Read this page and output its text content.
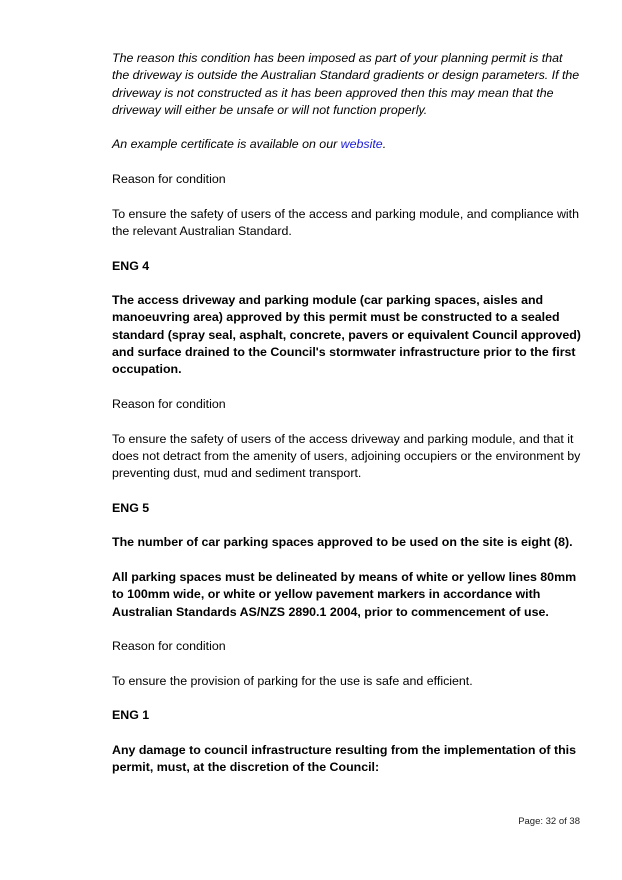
The reason this condition has been imposed as part of your planning permit is that the driveway is outside the Australian Standard gradients or design parameters. If the driveway is not constructed as it has been approved then this may mean that the driveway will either be unsafe or will not function properly.

An example certificate is available on our website.

Reason for condition

To ensure the safety of users of the access and parking module, and compliance with the relevant Australian Standard.

ENG 4

The access driveway and parking module (car parking spaces, aisles and manoeuvring area) approved by this permit must be constructed to a sealed standard (spray seal, asphalt, concrete, pavers or equivalent Council approved) and surface drained to the Council's stormwater infrastructure prior to the first occupation.

Reason for condition

To ensure the safety of users of the access driveway and parking module, and that it does not detract from the amenity of users, adjoining occupiers or the environment by preventing dust, mud and sediment transport.

ENG 5

The number of car parking spaces approved to be used on the site is eight (8).

All parking spaces must be delineated by means of white or yellow lines 80mm to 100mm wide, or white or yellow pavement markers in accordance with Australian Standards AS/NZS 2890.1 2004, prior to commencement of use.

Reason for condition

To ensure the provision of parking for the use is safe and efficient.

ENG 1

Any damage to council infrastructure resulting from the implementation of this permit, must, at the discretion of the Council:

Page: 32 of 38
